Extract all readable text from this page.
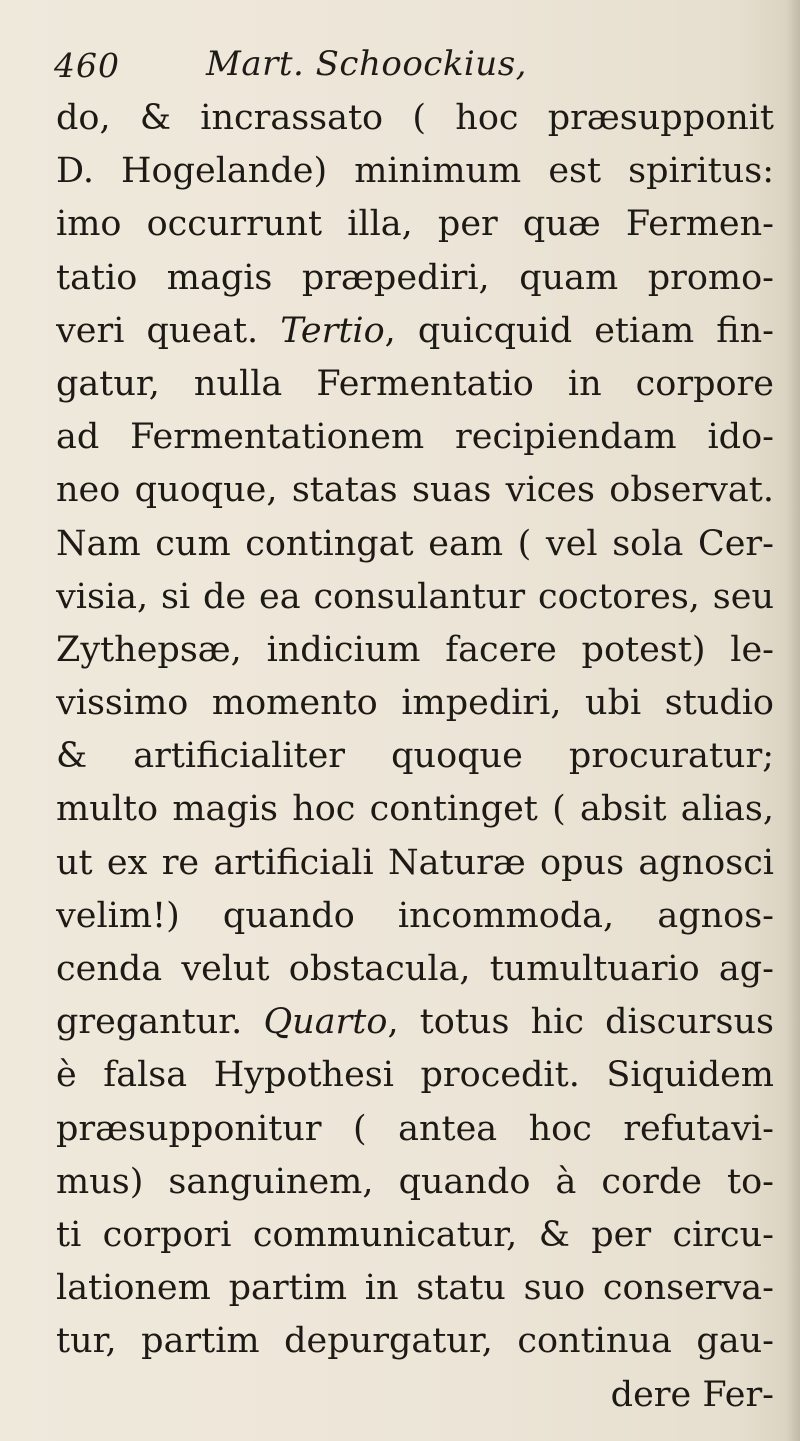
460	Mart. Schoockius,
do, & incrassato ( hoc præsupponit
D. Hogelande) minimum est spiritus:
imo occurrunt illa, per quæ Fermen-
tatio magis præpediri, quam promo-
veri queat. Tertio, quicquid etiam fin-
gatur, nulla Fermentatio in corpore
ad Fermentationem recipiendam ido-
neo quoque, statas suas vices observat.
Nam cum contingat eam ( vel sola Cer-
visia, si de ea consulantur coctores, seu
Zythepsæ, indicium facere potest) le-
vissimo momento impediri, ubi studio
& artificialiter quoque procuratur;
multo magis hoc continget ( absit alias,
ut ex re artificiali Naturæ opus agnosci
velim!) quando incommoda, agnos-
cenda velut obstacula, tumultuario ag-
gregantur. Quarto, totus hic discursus
è falsa Hypothesi procedit. Siquidem
præsupponitur ( antea hoc refutavi-
mus) sanguinem, quando à corde to-
ti corpori communicatur, & per circu-
lationem partim in statu suo conserva-
tur, partim depurgatur, continua gau-
dere Fer-
